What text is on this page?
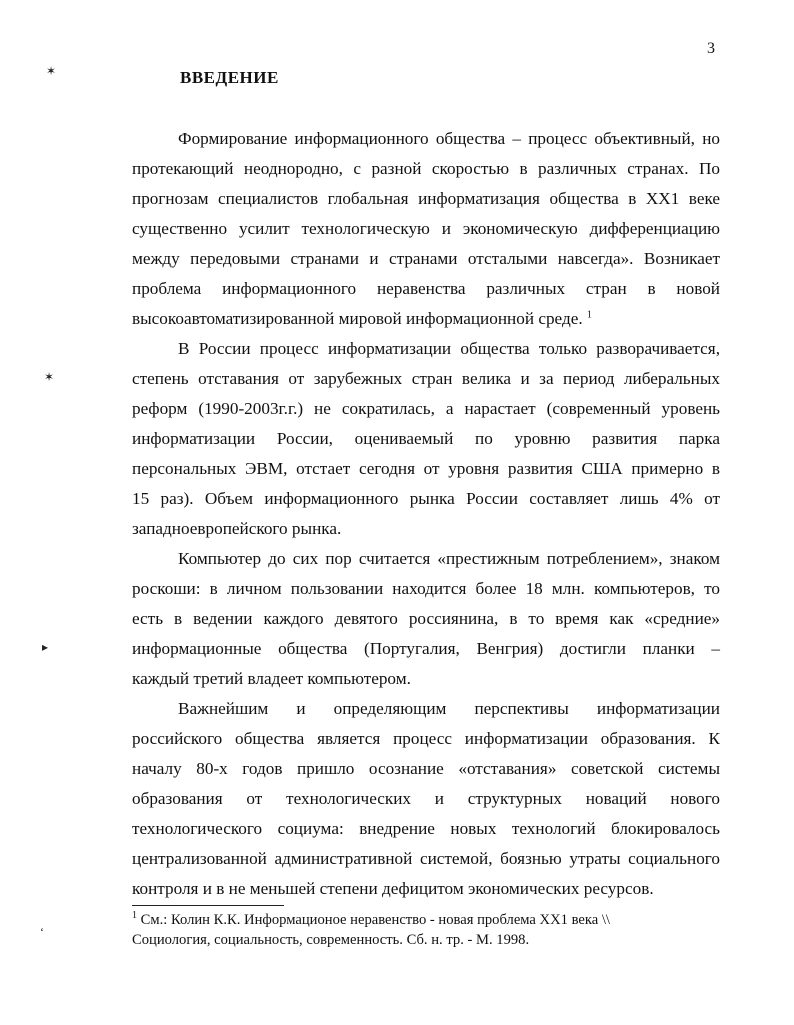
3
ВВЕДЕНИЕ
Формирование информационного общества – процесс объективный, но
протекающий неоднородно, с разной скоростью в различных странах. По
прогнозам специалистов глобальная информатизация общества в ХХ1 веке
существенно усилит технологическую и экономическую дифференциацию
между передовыми странами и странами отсталыми навсегда». Возникает
проблема информационного неравенства различных стран в новой
высокоавтоматизированной мировой информационной среде. $^1$
В России процесс информатизации общества только разворачивается,
степень отставания от зарубежных стран велика и за период либеральных
реформ (1990-2003г.г.) не сократилась, а нарастает (современный уровень
информатизации России, оцениваемый по уровню развития парка
персональных ЭВМ, отстает сегодня от уровня развития США примерно в
15 раз). Объем информационного рынка России составляет лишь 4% от
западноевропейского рынка.
Компьютер до сих пор считается «престижным потреблением», знаком
роскоши: в личном пользовании находится более 18 млн. компьютеров, то
есть в ведении каждого девятого россиянина, в то время как «средние»
информационные общества (Португалия, Венгрия) достигли планки –
каждый третий владеет компьютером.
Важнейшим и определяющим перспективы информатизации
российского общества является процесс информатизации образования. К
началу 80-х годов пришло осознание «отставания» советской системы
образования от технологических и структурных новаций нового
технологического социума: внедрение новых технологий блокировалось
централизованной административной системой, боязнью утраты социального
контроля и в не меньшей степени дефицитом экономических ресурсов.
$^1$ См.: Колин К.К. Информационое неравенство - новая проблема ХХ1 века \\
Социология, социальность, современность. Сб. н. тр. - М. 1998.
✶
✶
▸
ʻ
